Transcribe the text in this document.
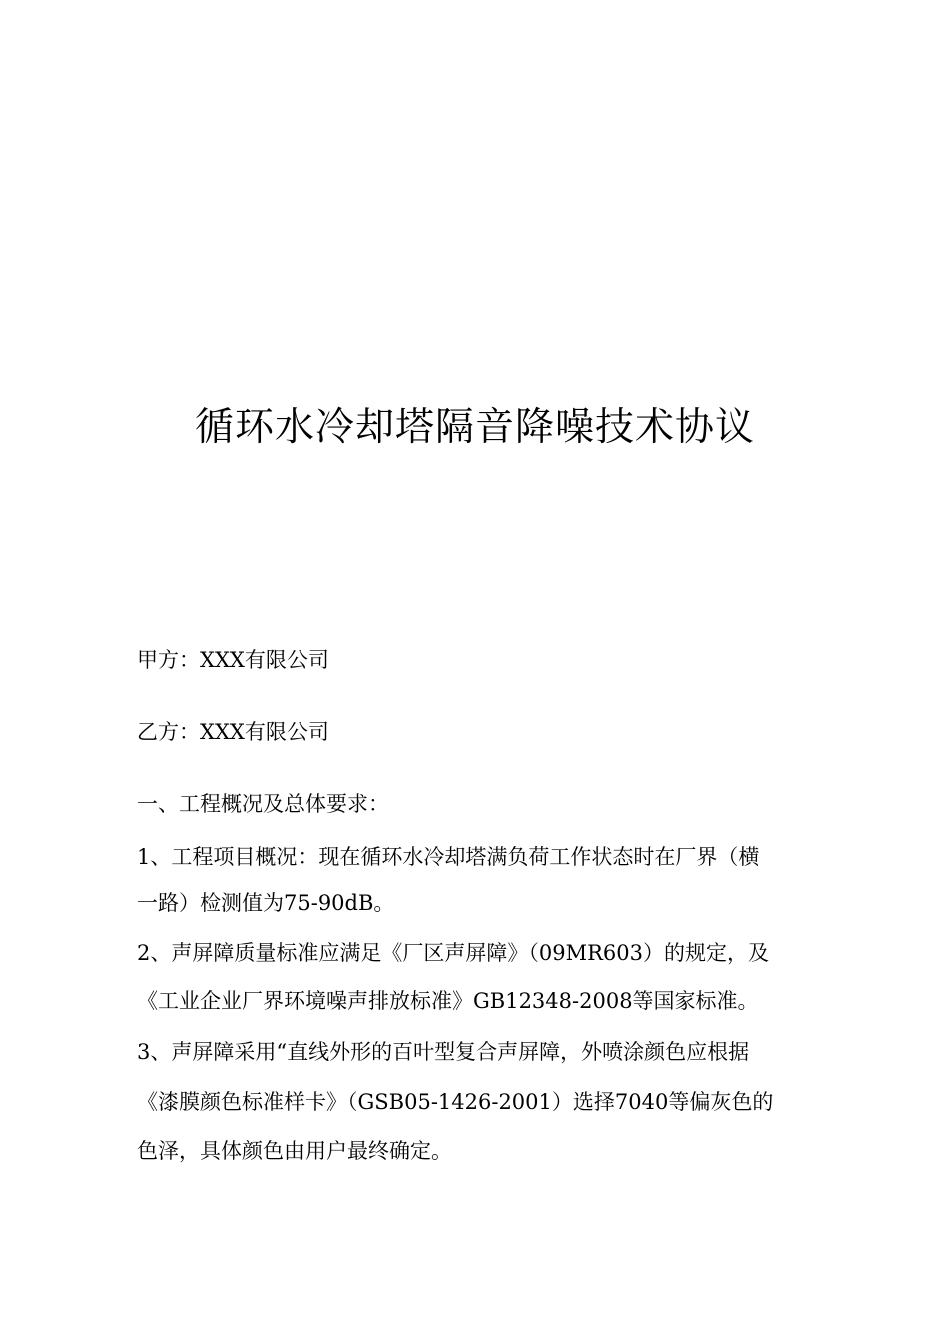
循环水冷却塔隔音降噪技术协议

甲方：XXX有限公司

乙方：XXX有限公司

一、工程概况及总体要求：

1、工程项目概况：现在循环水冷却塔满负荷工作状态时在厂界（横

一路）检测值为75-90dB。

2、声屏障质量标准应满足《厂区声屏障》（09MR603）的规定，及

《工业企业厂界环境噪声排放标准》GB12348-2008等国家标准。

3、声屏障采用“直线外形的百叶型复合声屏障，外喷涂颜色应根据

《漆膜颜色标准样卡》（GSB05-1426-2001）选择7040等偏灰色的

色泽，具体颜色由用户最终确定。
